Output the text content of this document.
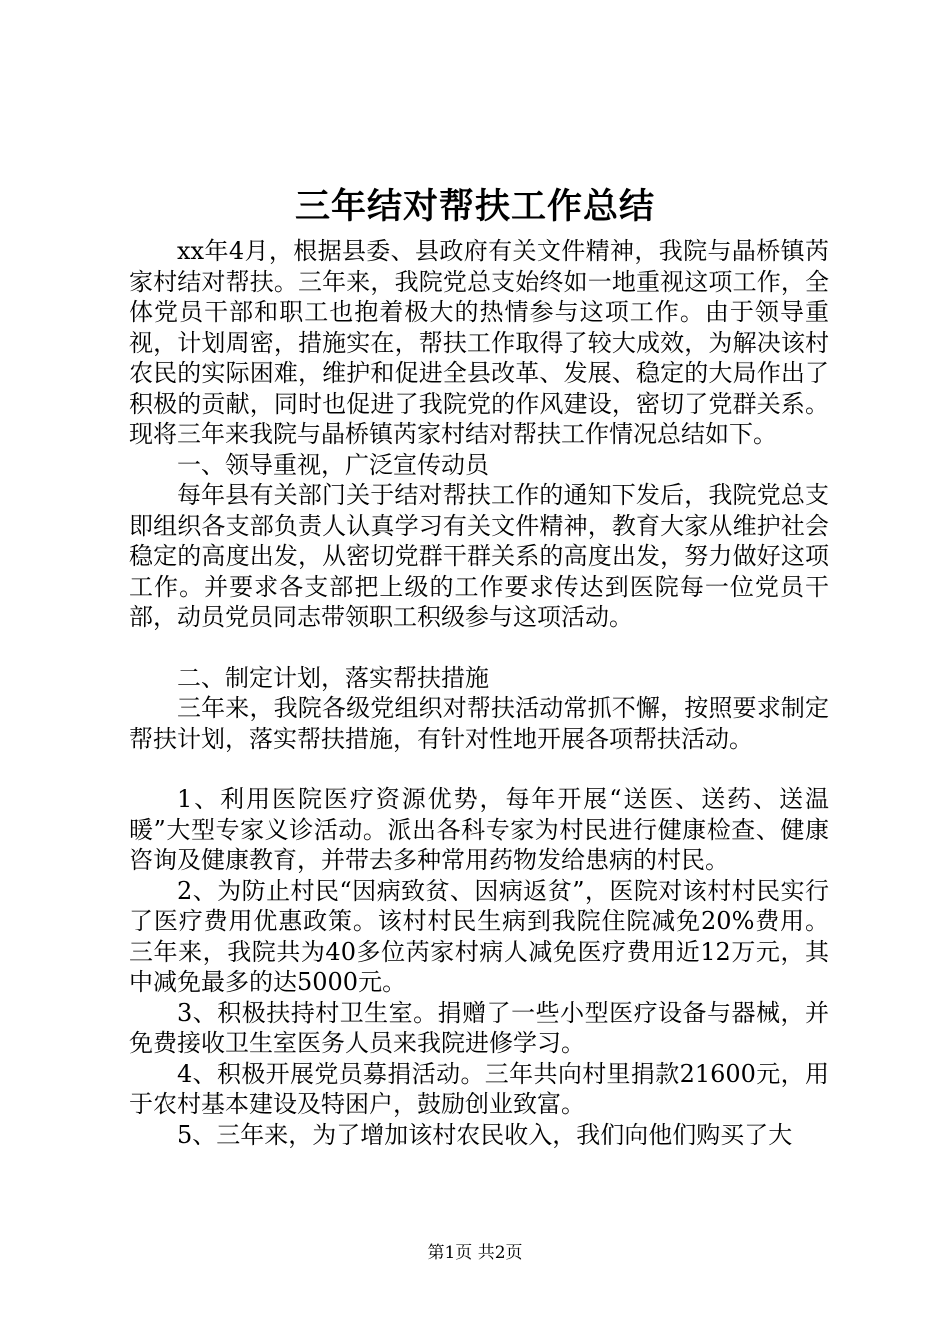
三年结对帮扶工作总结

xx年4月，根据县委、县政府有关文件精神，我院与晶桥镇芮家村结对帮扶。三年来，我院党总支始终如一地重视这项工作，全体党员干部和职工也抱着极大的热情参与这项工作。由于领导重视，计划周密，措施实在，帮扶工作取得了较大成效，为解决该村农民的实际困难，维护和促进全县改革、发展、稳定的大局作出了积极的贡献，同时也促进了我院党的作风建设，密切了党群关系。现将三年来我院与晶桥镇芮家村结对帮扶工作情况总结如下。

一、领导重视，广泛宣传动员

每年县有关部门关于结对帮扶工作的通知下发后，我院党总支即组织各支部负责人认真学习有关文件精神，教育大家从维护社会稳定的高度出发，从密切党群干群关系的高度出发，努力做好这项工作。并要求各支部把上级的工作要求传达到医院每一位党员干部，动员党员同志带领职工积级参与这项活动。

二、制定计划，落实帮扶措施

三年来，我院各级党组织对帮扶活动常抓不懈，按照要求制定帮扶计划，落实帮扶措施，有针对性地开展各项帮扶活动。

1、利用医院医疗资源优势，每年开展“送医、送药、送温暖”大型专家义诊活动。派出各科专家为村民进行健康检查、健康咨询及健康教育，并带去多种常用药物发给患病的村民。

2、为防止村民“因病致贫、因病返贫”，医院对该村村民实行了医疗费用优惠政策。该村村民生病到我院住院减免20%费用。三年来，我院共为40多位芮家村病人减免医疗费用近12万元，其中减免最多的达5000元。

3、积极扶持村卫生室。捐赠了一些小型医疗设备与器械，并免费接收卫生室医务人员来我院进修学习。

4、积极开展党员募捐活动。三年共向村里捐款21600元，用于农村基本建设及特困户，鼓励创业致富。

5、三年来，为了增加该村农民收入，我们向他们购买了大

第1页 共2页
